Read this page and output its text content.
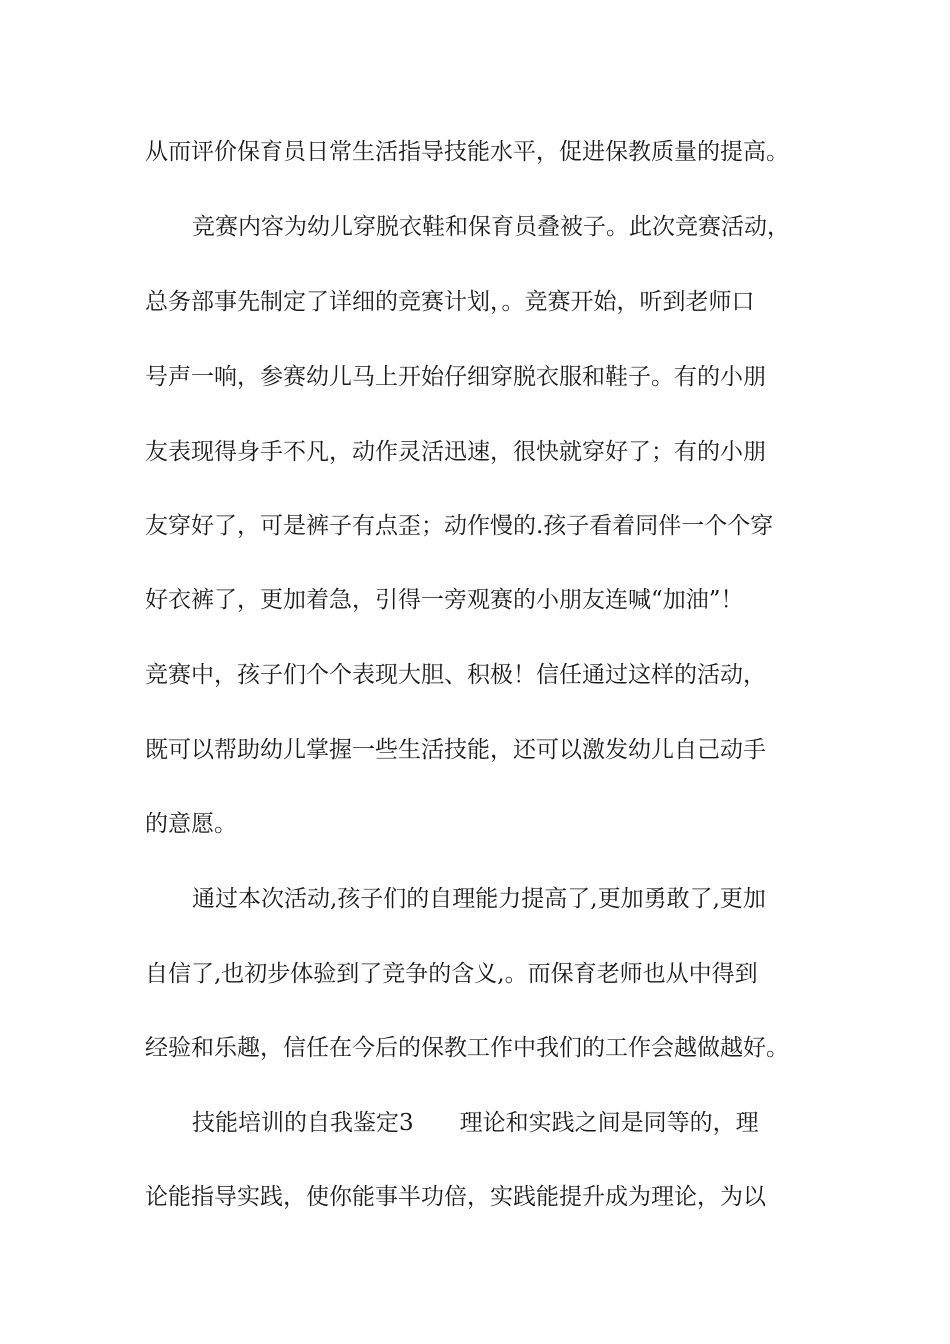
从而评价保育员日常生活指导技能水平，促进保教质量的提高。
竞赛内容为幼儿穿脱衣鞋和保育员叠被子。此次竞赛活动，
总务部事先制定了详细的竞赛计划，。竞赛开始，听到老师口
号声一响，参赛幼儿马上开始仔细穿脱衣服和鞋子。有的小朋
友表现得身手不凡，动作灵活迅速，很快就穿好了；有的小朋
友穿好了，可是裤子有点歪；动作慢的.孩子看着同伴一个个穿
好衣裤了，更加着急，引得一旁观赛的小朋友连喊“加油”！
竞赛中，孩子们个个表现大胆、积极！信任通过这样的活动，
既可以帮助幼儿掌握一些生活技能，还可以激发幼儿自己动手
的意愿。
通过本次活动,孩子们的自理能力提高了,更加勇敢了,更加
自信了,也初步体验到了竞争的含义,。而保育老师也从中得到
经验和乐趣，信任在今后的保教工作中我们的工作会越做越好。
技能培训的自我鉴定3　　理论和实践之间是同等的，理
论能指导实践，使你能事半功倍，实践能提升成为理论，为以
